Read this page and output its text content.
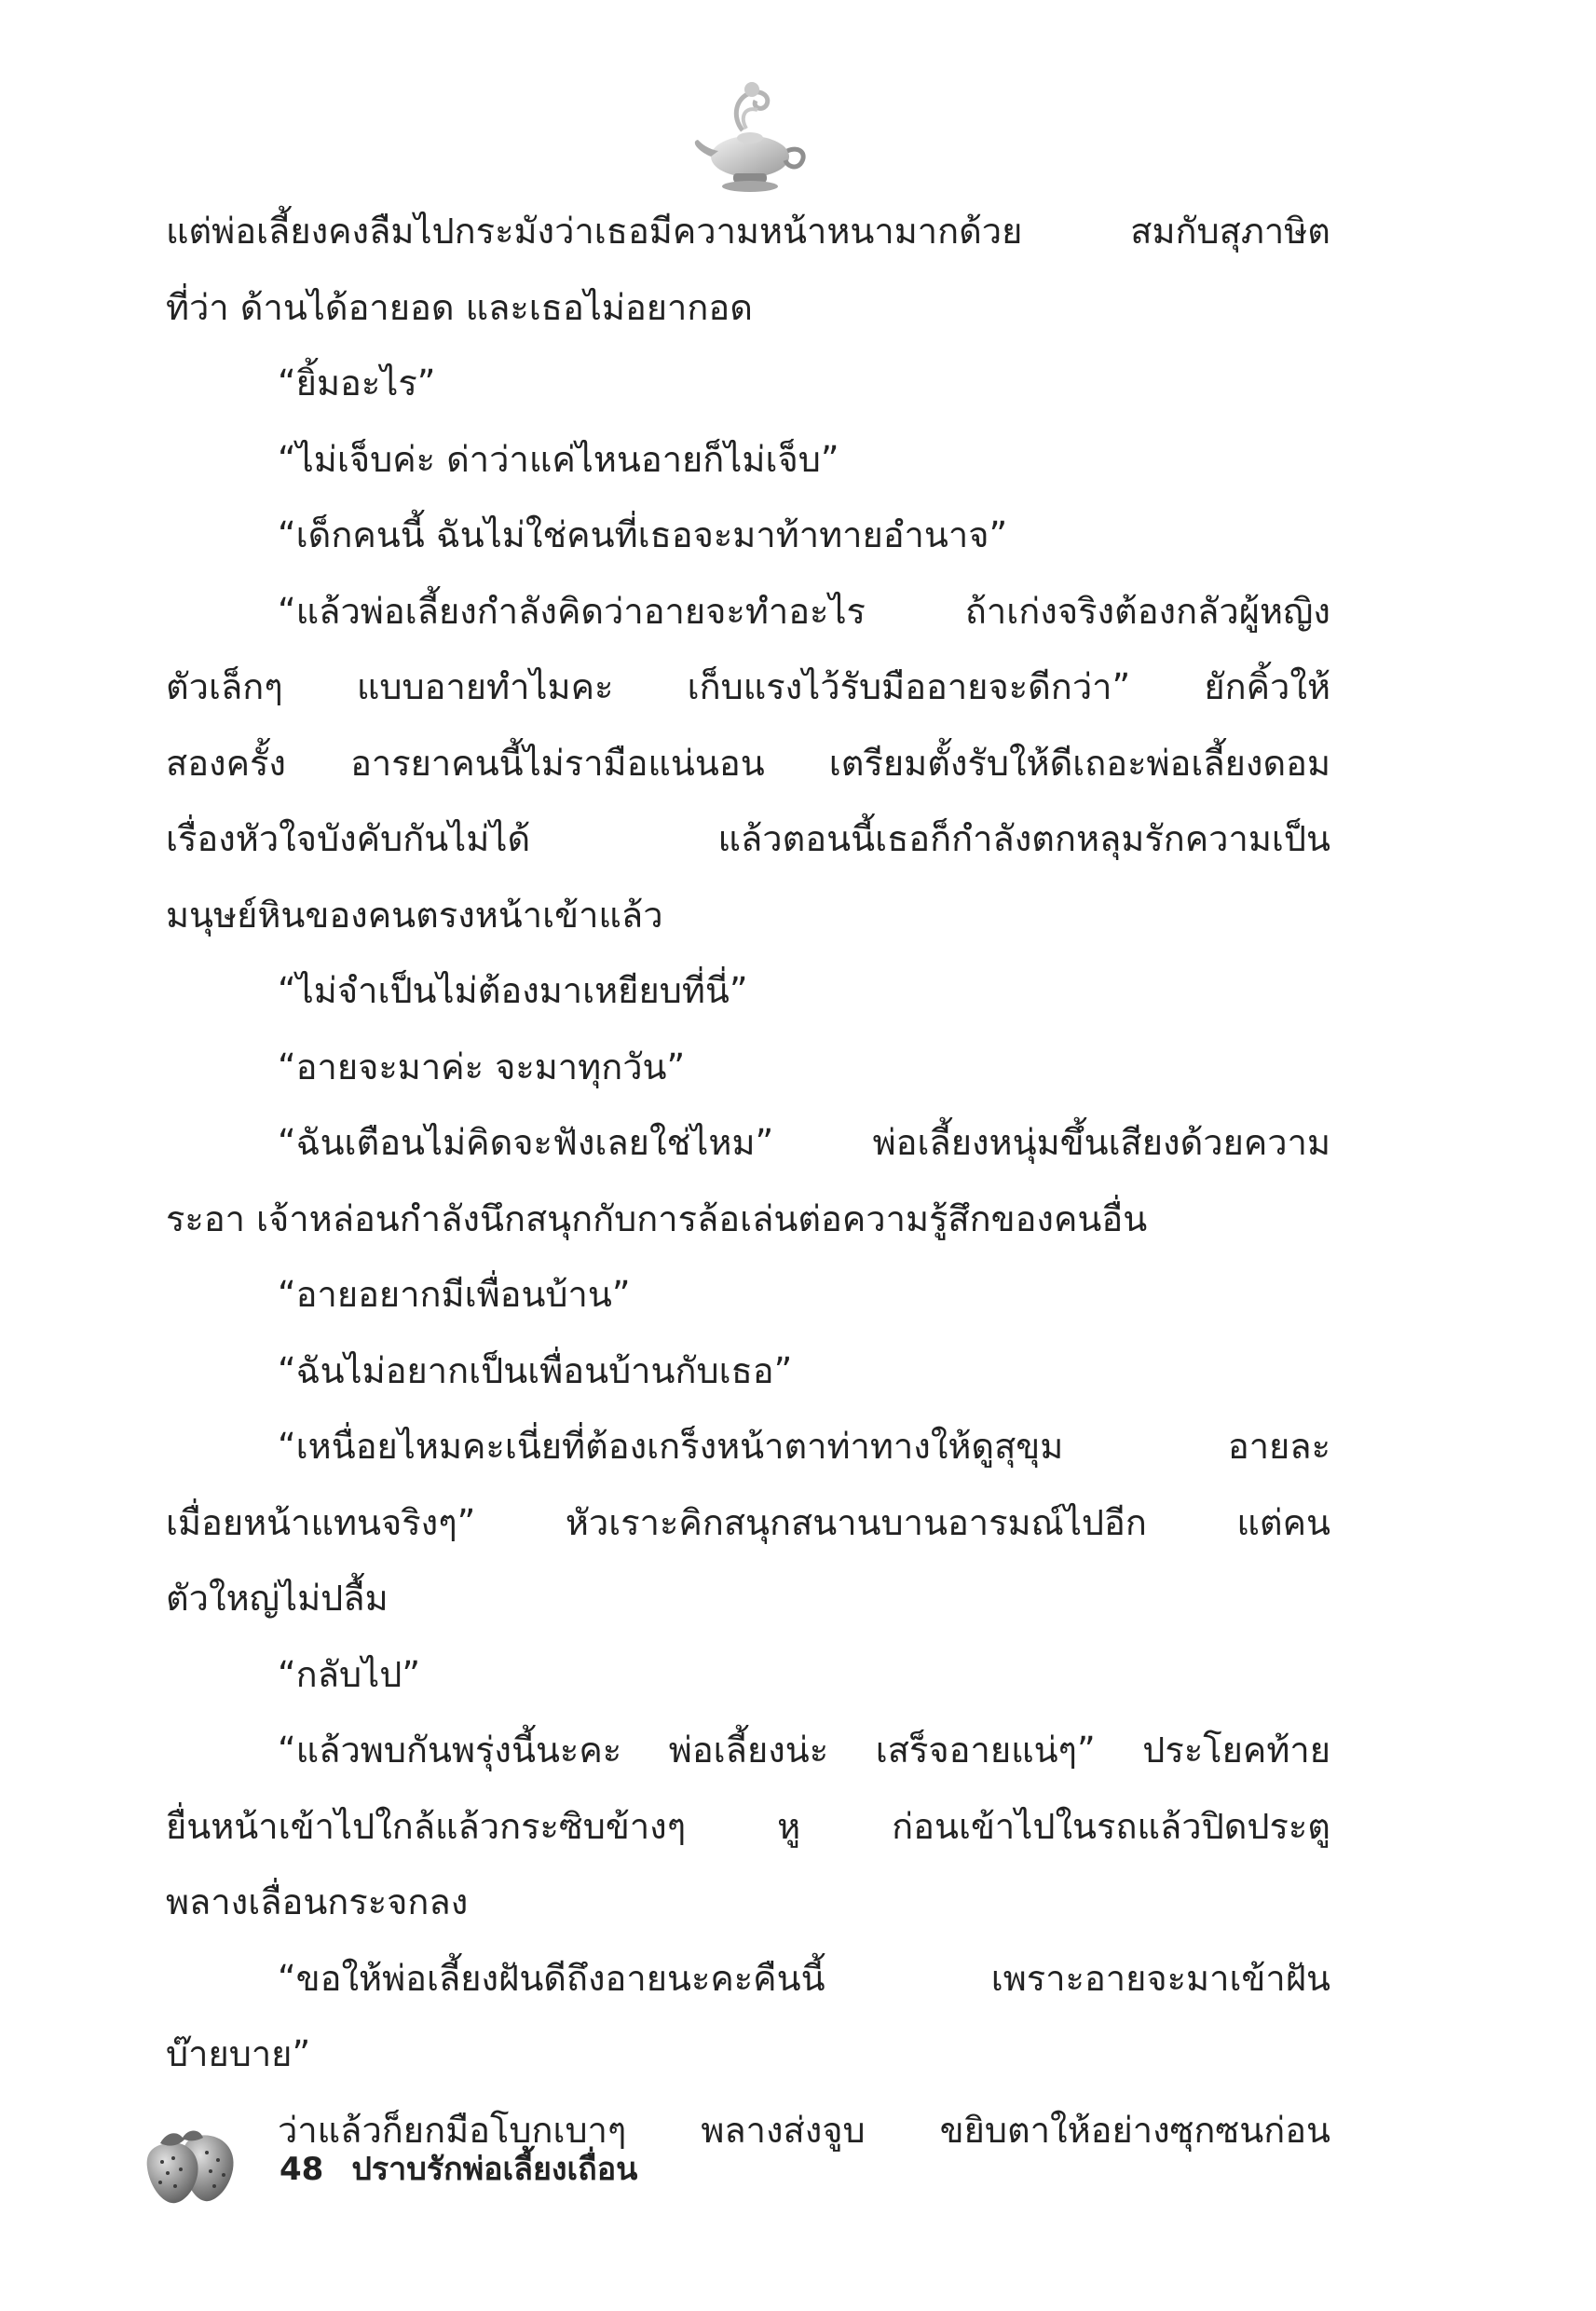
แต่พ่อเลี้ยงคงลืมไปกระมังว่าเธอมีความหน้าหนามากด้วย สมกับสุภาษิต
ที่ว่า ด้านได้อายอด และเธอไม่อยากอด
“ยิ้มอะไร”
“ไม่เจ็บค่ะ ด่าว่าแค่ไหนอายก็ไม่เจ็บ”
“เด็กคนนี้ ฉันไม่ใช่คนที่เธอจะมาท้าทายอำนาจ”
“แล้วพ่อเลี้ยงกำลังคิดว่าอายจะทำอะไร ถ้าเก่งจริงต้องกลัวผู้หญิง
ตัวเล็กๆ แบบอายทำไมคะ เก็บแรงไว้รับมืออายจะดีกว่า” ยักคิ้วให้
สองครั้ง อารยาคนนี้ไม่รามือแน่นอน เตรียมตั้งรับให้ดีเถอะพ่อเลี้ยงดอม
เรื่องหัวใจบังคับกันไม่ได้ แล้วตอนนี้เธอก็กำลังตกหลุมรักความเป็น
มนุษย์หินของคนตรงหน้าเข้าแล้ว
“ไม่จำเป็นไม่ต้องมาเหยียบที่นี่”
“อายจะมาค่ะ จะมาทุกวัน”
“ฉันเตือนไม่คิดจะฟังเลยใช่ไหม” พ่อเลี้ยงหนุ่มขึ้นเสียงด้วยความ
ระอา เจ้าหล่อนกำลังนึกสนุกกับการล้อเล่นต่อความรู้สึกของคนอื่น
“อายอยากมีเพื่อนบ้าน”
“ฉันไม่อยากเป็นเพื่อนบ้านกับเธอ”
“เหนื่อยไหมคะเนี่ยที่ต้องเกร็งหน้าตาท่าทางให้ดูสุขุม อายละ
เมื่อยหน้าแทนจริงๆ” หัวเราะคิกสนุกสนานบานอารมณ์ไปอีก แต่คน
ตัวใหญ่ไม่ปลื้ม
“กลับไป”
“แล้วพบกันพรุ่งนี้นะคะ พ่อเลี้ยงน่ะ เสร็จอายแน่ๆ” ประโยคท้าย
ยื่นหน้าเข้าไปใกล้แล้วกระซิบข้างๆ หู ก่อนเข้าไปในรถแล้วปิดประตู
พลางเลื่อนกระจกลง
“ขอให้พ่อเลี้ยงฝันดีถึงอายนะคะคืนนี้ เพราะอายจะมาเข้าฝัน
บ๊ายบาย”
ว่าแล้วก็ยกมือโบกเบาๆ พลางส่งจูบ ขยิบตาให้อย่างซุกซนก่อน
48 ปราบรักพ่อเลี้ยงเถื่อน
